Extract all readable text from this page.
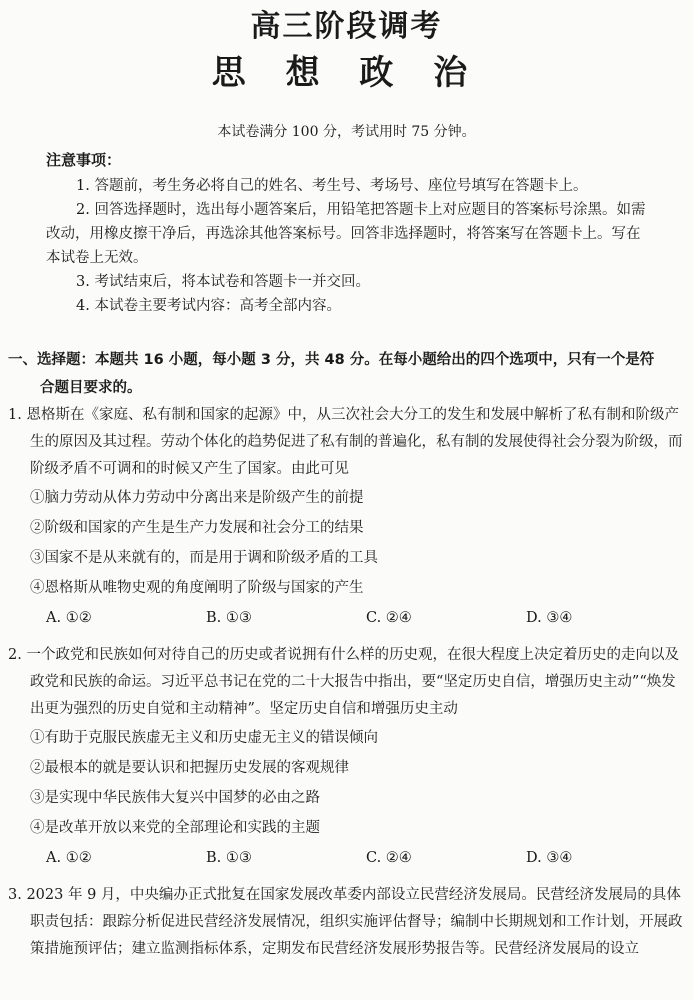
高三阶段调考
思 想 政 治
本试卷满分 100 分，考试用时 75 分钟。
注意事项：

1. 答题前，考生务必将自己的姓名、考生号、考场号、座位号填写在答题卡上。

2. 回答选择题时，选出每小题答案后，用铅笔把答题卡上对应题目的答案标号涂黑。如需改动，用橡皮擦干净后，再选涂其他答案标号。回答非选择题时，将答案写在答题卡上。写在本试卷上无效。

3. 考试结束后，将本试卷和答题卡一并交回。

4. 本试卷主要考试内容：高考全部内容。

一、选择题：本题共 16 小题，每小题 3 分，共 48 分。在每小题给出的四个选项中，只有一个是符
合题目要求的。

1. 恩格斯在《家庭、私有制和国家的起源》中，从三次社会大分工的发生和发展中解析了私有制和阶级产生的原因及其过程。劳动个体化的趋势促进了私有制的普遍化，私有制的发展使得社会分裂为阶级，而阶级矛盾不可调和的时候又产生了国家。由此可见

①脑力劳动从体力劳动中分离出来是阶级产生的前提

②阶级和国家的产生是生产力发展和社会分工的结果

③国家不是从来就有的，而是用于调和阶级矛盾的工具

④恩格斯从唯物史观的角度阐明了阶级与国家的产生

A. ①②	B. ①③	C. ②④	D. ③④

2. 一个政党和民族如何对待自己的历史或者说拥有什么样的历史观，在很大程度上决定着历史的走向以及政党和民族的命运。习近平总书记在党的二十大报告中指出，要“坚定历史自信，增强历史主动”“焕发出更为强烈的历史自觉和主动精神”。坚定历史自信和增强历史主动

①有助于克服民族虚无主义和历史虚无主义的错误倾向

②最根本的就是要认识和把握历史发展的客观规律

③是实现中华民族伟大复兴中国梦的必由之路

④是改革开放以来党的全部理论和实践的主题

A. ①②	B. ①③	C. ②④	D. ③④

3. 2023 年 9 月，中央编办正式批复在国家发展改革委内部设立民营经济发展局。民营经济发展局的具体职责包括：跟踪分析促进民营经济发展情况，组织实施评估督导；编制中长期规划和工作计划，开展政策措施预评估；建立监测指标体系，定期发布民营经济发展形势报告等。民营经济发展局的设立
